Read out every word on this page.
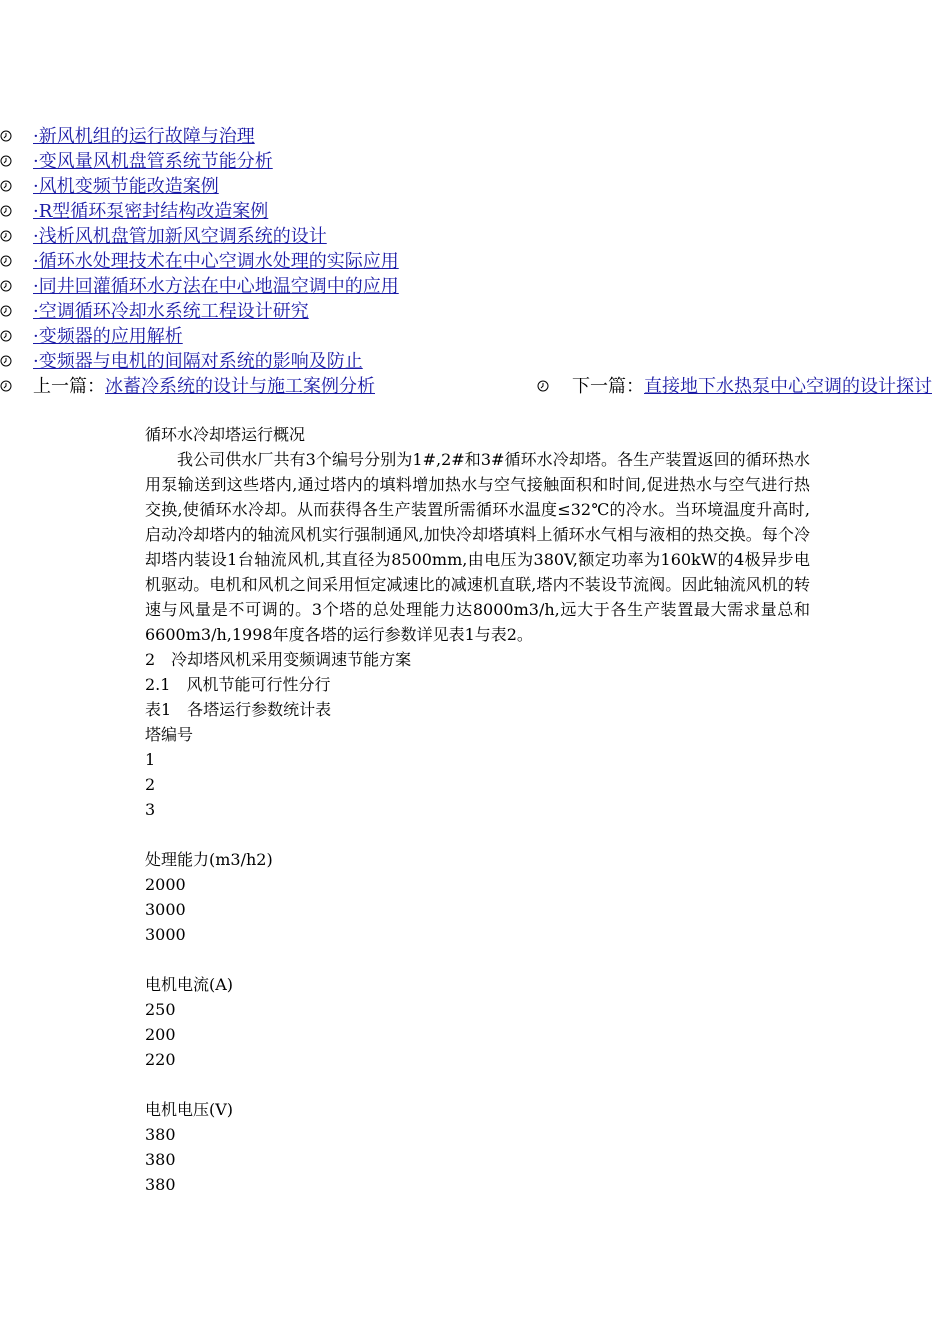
·新风机组的运行故障与治理
·变风量风机盘管系统节能分析
·风机变频节能改造案例
·R型循环泵密封结构改造案例
·浅析风机盘管加新风空调系统的设计
·循环水处理技术在中心空调水处理的实际应用
·同井回灌循环水方法在中心地温空调中的应用
·空调循环冷却水系统工程设计研究
·变频器的应用解析
·变频器与电机的间隔对系统的影响及防止
上一篇：冰蓄冷系统的设计与施工案例分析	下一篇：直接地下水热泵中心空调的设计探讨

循环水冷却塔运行概况

我公司供水厂共有3个编号分别为1#,2#和3#循环水冷却塔。各生产装置返回的循环热水用泵输送到这些塔内,通过塔内的填料增加热水与空气接触面积和时间,促进热水与空气进行热交换,使循环水冷却。从而获得各生产装置所需循环水温度≤32℃的冷水。当环境温度升高时,启动冷却塔内的轴流风机实行强制通风,加快冷却塔填料上循环水气相与液相的热交换。每个冷却塔内装设1台轴流风机,其直径为8500mm,由电压为380V,额定功率为160kW的4极异步电机驱动。电机和风机之间采用恒定减速比的减速机直联,塔内不装设节流阀。因此轴流风机的转速与风量是不可调的。3个塔的总处理能力达8000m3/h,远大于各生产装置最大需求量总和6600m3/h,1998年度各塔的运行参数详见表1与表2。

2　冷却塔风机采用变频调速节能方案

2.1　风机节能可行性分行

表1　各塔运行参数统计表

塔编号

1

2

3

处理能力(m3/h2)

2000

3000

3000

电机电流(A)

250

200

220

电机电压(V)

380

380

380
